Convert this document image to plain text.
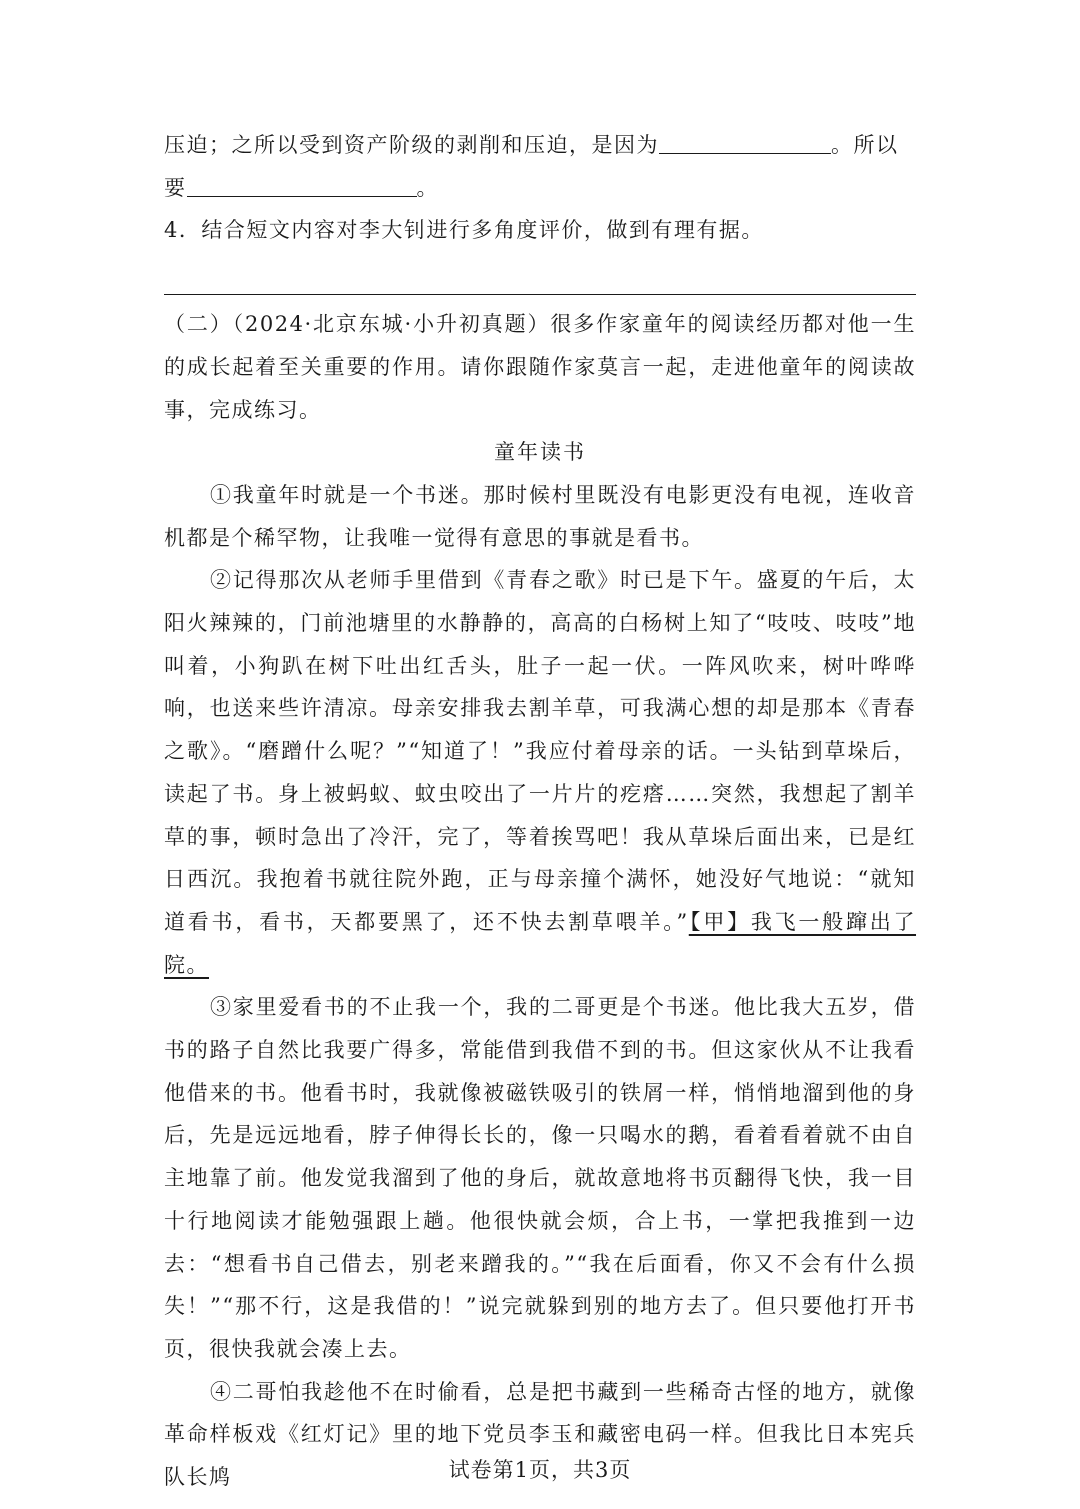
压迫；之所以受到资产阶级的剥削和压迫，是因为	。所以
要	。

4．结合短文内容对李大钊进行多角度评价，做到有理有据。

（二）（2024·北京东城·小升初真题）很多作家童年的阅读经历都对他一生的成长起着至关重要的作用。请你跟随作家莫言一起，走进他童年的阅读故事，完成练习。

童年读书

①我童年时就是一个书迷。那时候村里既没有电影更没有电视，连收音机都是个稀罕物，让我唯一觉得有意思的事就是看书。

②记得那次从老师手里借到《青春之歌》时已是下午。盛夏的午后，太阳火辣辣的，门前池塘里的水静静的，高高的白杨树上知了“吱吱、吱吱”地叫着，小狗趴在树下吐出红舌头，肚子一起一伏。一阵风吹来，树叶哗哗响，也送来些许清凉。母亲安排我去割羊草，可我满心想的却是那本《青春之歌》。“磨蹭什么呢？”“知道了！”我应付着母亲的话。一头钻到草垛后，读起了书。身上被蚂蚁、蚊虫咬出了一片片的疙瘩……突然，我想起了割羊草的事，顿时急出了冷汗，完了，等着挨骂吧！我从草垛后面出来，已是红日西沉。我抱着书就往院外跑，正与母亲撞个满怀，她没好气地说：“就知道看书，看书，天都要黑了，还不快去割草喂羊。”【甲】我飞一般蹿出了院。

③家里爱看书的不止我一个，我的二哥更是个书迷。他比我大五岁，借书的路子自然比我要广得多，常能借到我借不到的书。但这家伙从不让我看他借来的书。他看书时，我就像被磁铁吸引的铁屑一样，悄悄地溜到他的身后，先是远远地看，脖子伸得长长的，像一只喝水的鹅，看着看着就不由自主地靠了前。他发觉我溜到了他的身后，就故意地将书页翻得飞快，我一目十行地阅读才能勉强跟上趟。他很快就会烦，合上书，一掌把我推到一边去：“想看书自己借去，别老来蹭我的。”“我在后面看，你又不会有什么损失！”“那不行，这是我借的！”说完就躲到别的地方去了。但只要他打开书页，很快我就会凑上去。

④二哥怕我趁他不在时偷看，总是把书藏到一些稀奇古怪的地方，就像革命样板戏《红灯记》里的地下党员李玉和藏密电码一样。但我比日本宪兵队长鸠	试卷第1页，共3页
